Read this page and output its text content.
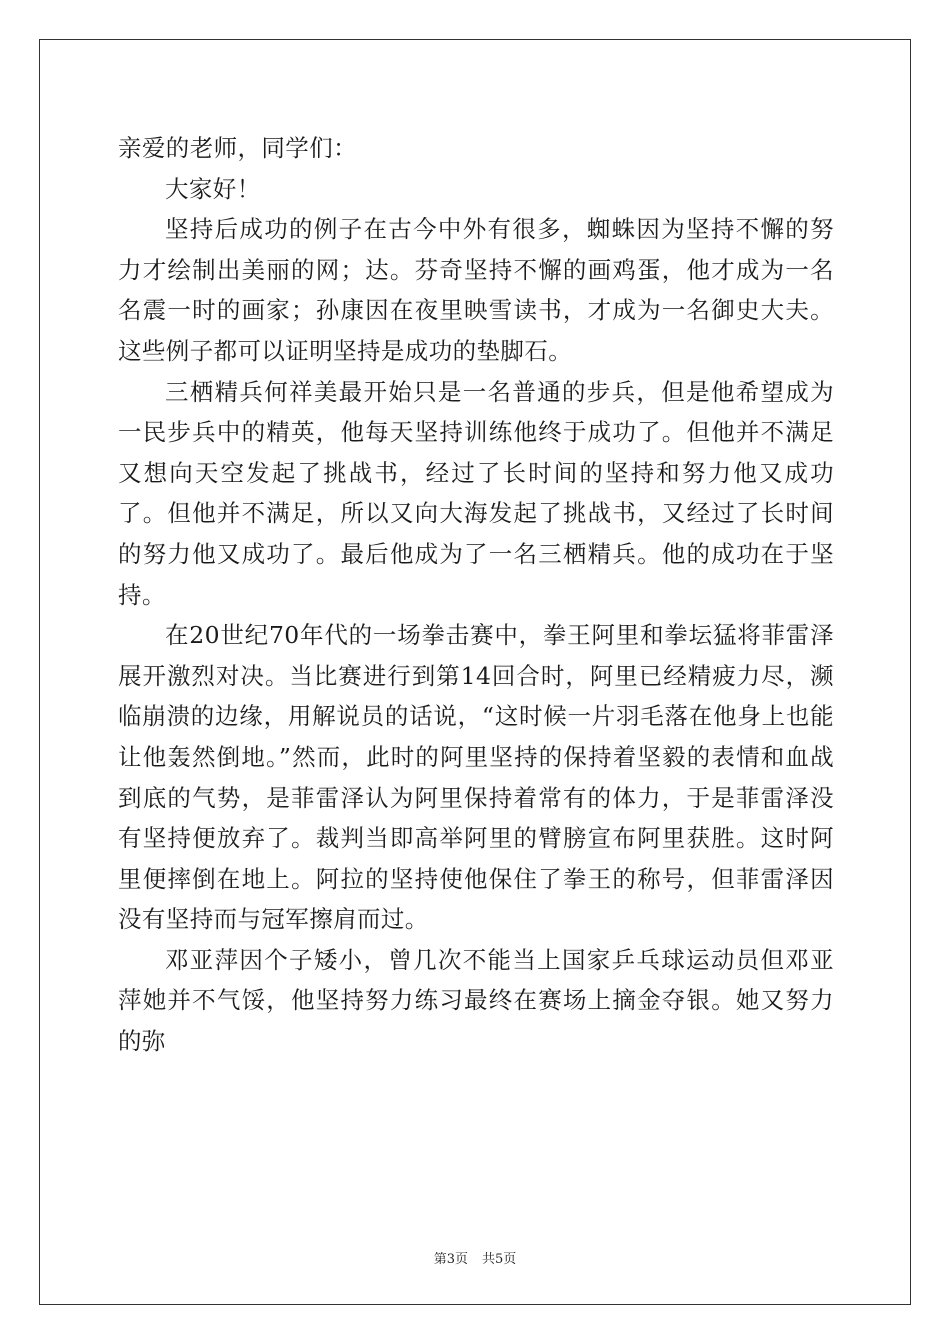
亲爱的老师，同学们：

大家好！

坚持后成功的例子在古今中外有很多，蜘蛛因为坚持不懈的努力才绘制出美丽的网；达。芬奇坚持不懈的画鸡蛋，他才成为一名名震一时的画家；孙康因在夜里映雪读书，才成为一名御史大夫。这些例子都可以证明坚持是成功的垫脚石。

三栖精兵何祥美最开始只是一名普通的步兵，但是他希望成为一民步兵中的精英，他每天坚持训练他终于成功了。但他并不满足又想向天空发起了挑战书，经过了长时间的坚持和努力他又成功了。但他并不满足，所以又向大海发起了挑战书，又经过了长时间的努力他又成功了。最后他成为了一名三栖精兵。他的成功在于坚持。

在20世纪70年代的一场拳击赛中，拳王阿里和拳坛猛将菲雷泽展开激烈对决。当比赛进行到第14回合时，阿里已经精疲力尽，濒临崩溃的边缘，用解说员的话说，“这时候一片羽毛落在他身上也能让他轰然倒地。”然而，此时的阿里坚持的保持着坚毅的表情和血战到底的气势，是菲雷泽认为阿里保持着常有的体力，于是菲雷泽没有坚持便放弃了。裁判当即高举阿里的臂膀宣布阿里获胜。这时阿里便摔倒在地上。阿拉的坚持使他保住了拳王的称号，但菲雷泽因没有坚持而与冠军擦肩而过。

邓亚萍因个子矮小，曾几次不能当上国家乒乓球运动员但邓亚萍她并不气馁，他坚持努力练习最终在赛场上摘金夺银。她又努力的弥

第3页 共5页
